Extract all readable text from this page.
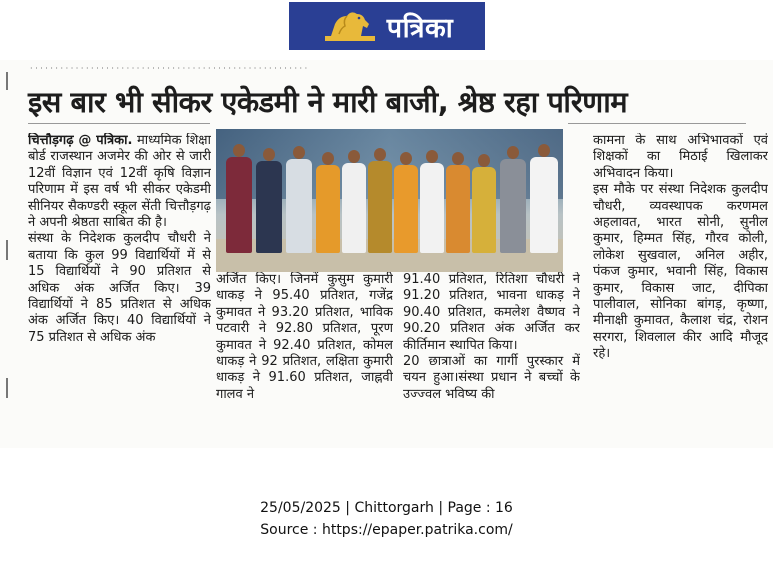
पत्रिका
· · · · · · · · · · · · · · · · · · · · · · · · · · · · · · · · · · · · · · · · · · · · · · · · · · · · · · ·
इस बार भी सीकर एकेडमी ने मारी बाजी, श्रेष्ठ रहा परिणाम

चित्तौड़गढ़ @ पत्रिका. माध्यमिक शिक्षा बोर्ड राजस्थान अजमेर की ओर से जारी 12वीं विज्ञान एवं 12वीं कृषि विज्ञान परिणाम में इस वर्ष भी सीकर एकेडमी सीनियर सैकण्डरी स्कूल सेंती चित्तौड़गढ़ ने अपनी श्रेष्ठता साबित की है।

संस्था के निदेशक कुलदीप चौधरी ने बताया कि कुल 99 विद्यार्थियों में से 15 विद्यार्थियों ने 90 प्रतिशत से अधिक अंक अर्जित किए। 39 विद्यार्थियों ने 85 प्रतिशत से अधिक अंक अर्जित किए। 40 विद्यार्थियों ने 75 प्रतिशत से अधिक अंक

अर्जित किए। जिनमें कुसुम कुमारी धाकड़ ने 95.40 प्रतिशत, गजेंद्र कुमावत ने 93.20 प्रतिशत, भाविक पटवारी ने 92.80 प्रतिशत, पूरण कुमावत ने 92.40 प्रतिशत, कोमल धाकड़ ने 92 प्रतिशत, लक्षिता कुमारी धाकड़ ने 91.60 प्रतिशत, जाह्नवी गालव ने

91.40 प्रतिशत, रितिशा चौधरी ने 91.20 प्रतिशत, भावना धाकड़ ने 90.40 प्रतिशत, कमलेश वैष्णव ने 90.20 प्रतिशत अंक अर्जित कर कीर्तिमान स्थापित किया।

20 छात्राओं का गार्गी पुरस्कार में चयन हुआ।संस्था प्रधान ने बच्चों के उज्ज्वल भविष्य की

कामना के साथ अभिभावकों एवं शिक्षकों का मिठाई खिलाकर अभिवादन किया।

इस मौके पर संस्था निदेशक कुलदीप चौधरी, व्यवस्थापक करणमल अहलावत, भारत सोनी, सुनील कुमार, हिम्मत सिंह, गौरव कोली, लोकेश सुखवाल, अनिल अहीर, पंकज कुमार, भवानी सिंह, विकास कुमार, विकास जाट, दीपिका पालीवाल, सोनिका बांगड़, कृष्णा, मीनाक्षी कुमावत, कैलाश चंद्र, रोशन सरगरा, शिवलाल कीर आदि मौजूद रहे।

25/05/2025 | Chittorgarh | Page : 16
Source : https://epaper.patrika.com/
